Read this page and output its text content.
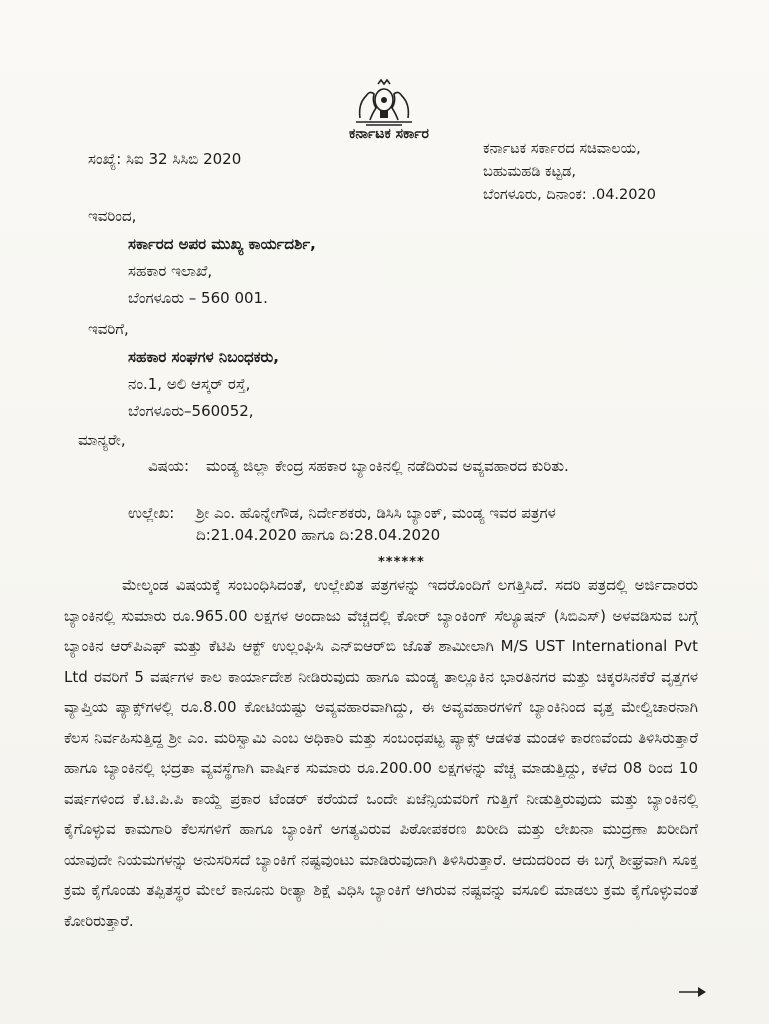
ಕರ್ನಾಟಕ ಸರ್ಕಾರ
ಸಂಖ್ಯೆ: ಸಿಐ 32 ಸಿಸಿಬಿ 2020
ಕರ್ನಾಟಕ ಸರ್ಕಾರದ ಸಚಿವಾಲಯ,
ಬಹುಮಹಡಿ ಕಟ್ಟಡ,
ಬೆಂಗಳೂರು, ದಿನಾಂಕ: .04.2020
ಇವರಿಂದ,
ಸರ್ಕಾರದ ಅಪರ ಮುಖ್ಯ ಕಾರ್ಯದರ್ಶಿ,
ಸಹಕಾರ ಇಲಾಖೆ,
ಬೆಂಗಳೂರು – 560 001.
ಇವರಿಗೆ,
ಸಹಕಾರ ಸಂಘಗಳ ನಿಬಂಧಕರು,
ನಂ.1, ಅಲಿ ಆಸ್ಕರ್ ರಸ್ತೆ,
ಬೆಂಗಳೂರು–560052,
ಮಾನ್ಯರೇ,
ವಿಷಯ: ಮಂಡ್ಯ ಜಿಲ್ಲಾ ಕೇಂದ್ರ ಸಹಕಾರ ಬ್ಯಾಂಕಿನಲ್ಲಿ ನಡೆದಿರುವ ಅವ್ಯವಹಾರದ ಕುರಿತು.
ಉಲ್ಲೇಖ: ಶ್ರೀ ಎಂ. ಹೊನ್ನೇಗೌಡ, ನಿರ್ದೇಶಕರು, ಡಿಸಿಸಿ ಬ್ಯಾಂಕ್, ಮಂಡ್ಯ ಇವರ ಪತ್ರಗಳ ದಿ:21.04.2020 ಹಾಗೂ ದಿ:28.04.2020
******
ಮೇಲ್ಕಂಡ ವಿಷಯಕ್ಕೆ ಸಂಬಂಧಿಸಿದಂತೆ, ಉಲ್ಲೇಖಿತ ಪತ್ರಗಳನ್ನು ಇದರೊಂದಿಗೆ ಲಗತ್ತಿಸಿದೆ. ಸದರಿ ಪತ್ರದಲ್ಲಿ ಅರ್ಜಿದಾರರು ಬ್ಯಾಂಕಿನಲ್ಲಿ ಸುಮಾರು ರೂ.965.00 ಲಕ್ಷಗಳ ಅಂದಾಜು ವೆಚ್ಚದಲ್ಲಿ ಕೋರ್ ಬ್ಯಾಂಕಿಂಗ್ ಸೆಲ್ಯೂಷನ್ (ಸಿಬಿಎಸ್) ಅಳವಡಿಸುವ ಬಗ್ಗೆ ಬ್ಯಾಂಕಿನ ಆರ್‌ಪಿಎಫ್ ಮತ್ತು ಕೆಟಿಪಿ ಆಕ್ಟ್ ಉಲ್ಲಂಘಿಸಿ ಎನ್‌ಐಆರ್‌ಬಿ ಜೊತೆ ಶಾಮೀಲಾಗಿ M/S UST International Pvt Ltd ರವರಿಗೆ 5 ವರ್ಷಗಳ ಕಾಲ ಕಾರ್ಯಾದೇಶ ನೀಡಿರುವುದು ಹಾಗೂ ಮಂಡ್ಯ ತಾಲ್ಲೂಕಿನ ಭಾರತಿನಗರ ಮತ್ತು ಚಿಕ್ಕರಸಿನಕೆರೆ ವೃತ್ತಗಳ ವ್ಯಾಪ್ತಿಯ ಪ್ಯಾಕ್ಸ್‌ಗಳಲ್ಲಿ ರೂ.8.00 ಕೋಟಿಯಷ್ಟು ಅವ್ಯವಹಾರವಾಗಿದ್ದು, ಈ ಅವ್ಯವಹಾರಗಳಿಗೆ ಬ್ಯಾಂಕಿನಿಂದ ವೃತ್ತ ಮೇಲ್ವಿಚಾರನಾಗಿ ಕೆಲಸ ನಿರ್ವಹಿಸುತ್ತಿದ್ದ ಶ್ರೀ ಎಂ. ಮರಿಸ್ವಾಮಿ ಎಂಬ ಅಧಿಕಾರಿ ಮತ್ತು ಸಂಬಂಧಪಟ್ಟ ಪ್ಯಾಕ್ಸ್ ಆಡಳಿತ ಮಂಡಳಿ ಕಾರಣವೆಂದು ತಿಳಿಸಿರುತ್ತಾರೆ ಹಾಗೂ ಬ್ಯಾಂಕಿನಲ್ಲಿ ಭದ್ರತಾ ವ್ಯವಸ್ಥೆಗಾಗಿ ವಾರ್ಷಿಕ ಸುಮಾರು ರೂ.200.00 ಲಕ್ಷಗಳನ್ನು ವೆಚ್ಚ ಮಾಡುತ್ತಿದ್ದು, ಕಳೆದ 08 ರಿಂದ 10 ವರ್ಷಗಳಿಂದ ಕೆ.ಟಿ.ಪಿ.ಪಿ ಕಾಯ್ದೆ ಪ್ರಕಾರ ಟೆಂಡರ್ ಕರೆಯದೆ ಒಂದೇ ಏಜೆನ್ಸಿಯವರಿಗೆ ಗುತ್ತಿಗೆ ನೀಡುತ್ತಿರುವುದು ಮತ್ತು ಬ್ಯಾಂಕಿನಲ್ಲಿ ಕೈಗೊಳ್ಳುವ ಕಾಮಗಾರಿ ಕೆಲಸಗಳಿಗೆ ಹಾಗೂ ಬ್ಯಾಂಕಿಗೆ ಅಗತ್ಯವಿರುವ ಪಿಠೋಪಕರಣ ಖರೀದಿ ಮತ್ತು ಲೇಖನಾ ಮುದ್ರಣಾ ಖರೀದಿಗೆ ಯಾವುದೇ ನಿಯಮಗಳನ್ನು ಅನುಸರಿಸದೆ ಬ್ಯಾಂಕಿಗೆ ನಷ್ಟವುಂಟು ಮಾಡಿರುವುದಾಗಿ ತಿಳಿಸಿರುತ್ತಾರೆ. ಆದುದರಿಂದ ಈ ಬಗ್ಗೆ ಶೀಘ್ರವಾಗಿ ಸೂಕ್ತ ಕ್ರಮ ಕೈಗೊಂಡು ತಪ್ಪಿತಸ್ಥರ ಮೇಲೆ ಕಾನೂನು ರೀತ್ಯಾ ಶಿಕ್ಷೆ ವಿಧಿಸಿ ಬ್ಯಾಂಕಿಗೆ ಆಗಿರುವ ನಷ್ಟವನ್ನು ವಸೂಲಿ ಮಾಡಲು ಕ್ರಮ ಕೈಗೊಳ್ಳುವಂತೆ ಕೋರಿರುತ್ತಾರೆ.
